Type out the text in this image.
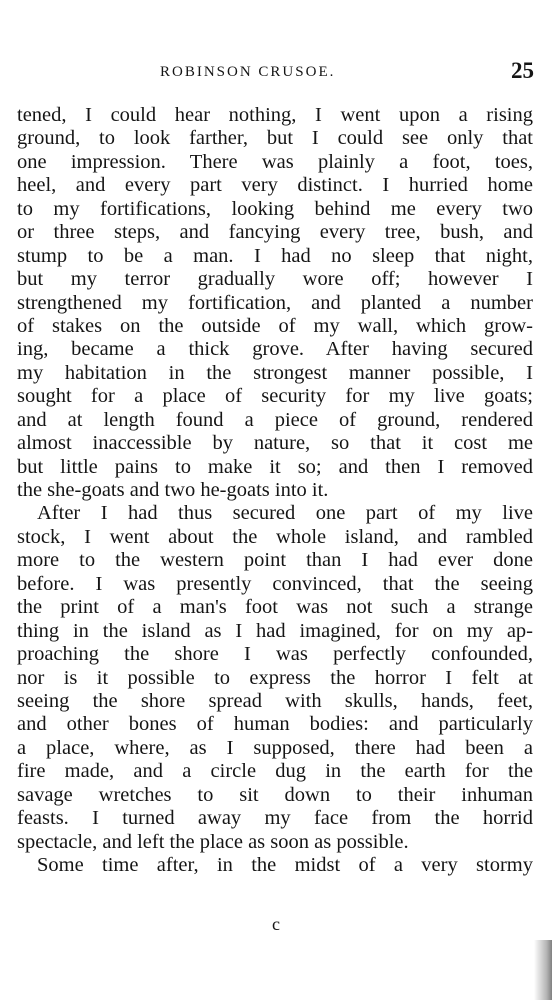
ROBINSON CRUSOE.	25
tened, I could hear nothing, I went upon a rising
ground, to look farther, but I could see only that
one impression. There was plainly a foot, toes,
heel, and every part very distinct. I hurried home
to my fortifications, looking behind me every two
or three steps, and fancying every tree, bush, and
stump to be a man. I had no sleep that night,
but my terror gradually wore off; however I
strengthened my fortification, and planted a number
of stakes on the outside of my wall, which grow-
ing, became a thick grove. After having secured
my habitation in the strongest manner possible, I
sought for a place of security for my live goats;
and at length found a piece of ground, rendered
almost inaccessible by nature, so that it cost me
but little pains to make it so; and then I removed
the she-goats and two he-goats into it.
After I had thus secured one part of my live
stock, I went about the whole island, and rambled
more to the western point than I had ever done
before. I was presently convinced, that the seeing
the print of a man's foot was not such a strange
thing in the island as I had imagined, for on my ap-
proaching the shore I was perfectly confounded,
nor is it possible to express the horror I felt at
seeing the shore spread with skulls, hands, feet,
and other bones of human bodies: and particularly
a place, where, as I supposed, there had been a
fire made, and a circle dug in the earth for the
savage wretches to sit down to their inhuman
feasts. I turned away my face from the horrid
spectacle, and left the place as soon as possible.
Some time after, in the midst of a very stormy
c
